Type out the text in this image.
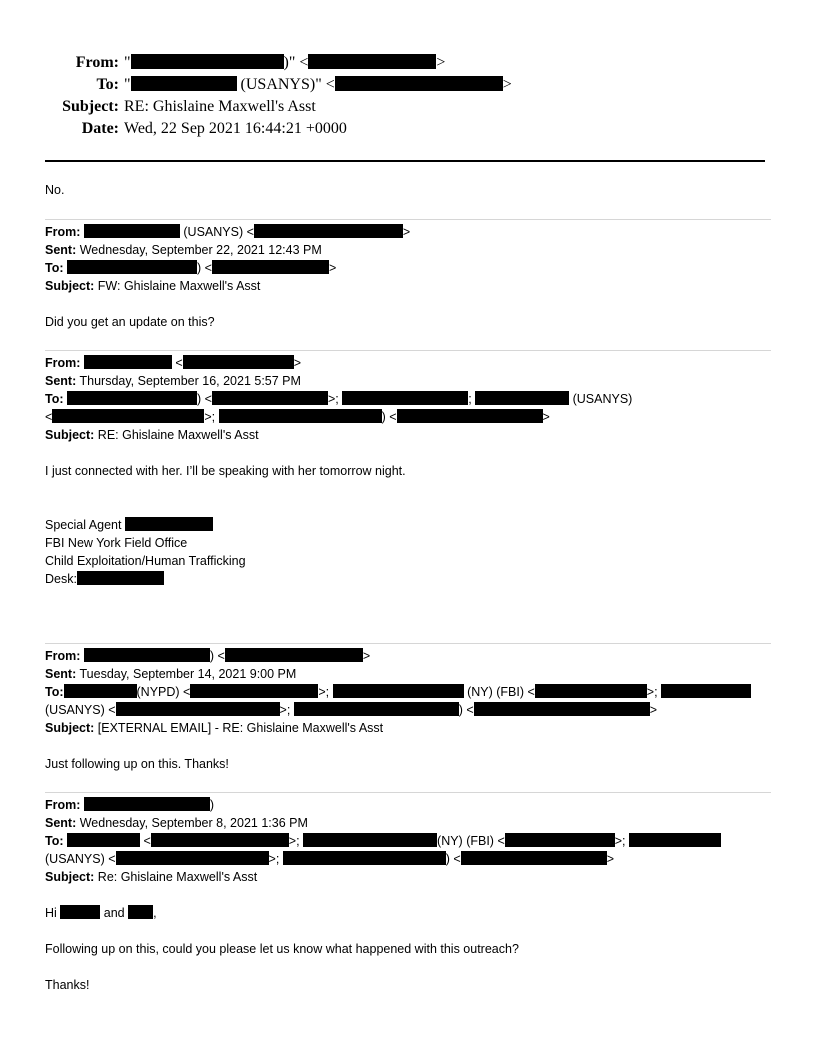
From: "	)" <	>
To: "	(USANYS)" <	>
Subject: RE: Ghislaine Maxwell's Asst
Date: Wed, 22 Sep 2021 16:44:21 +0000
No.
From:	(USANYS) <	>
Sent: Wednesday, September 22, 2021 12:43 PM
To:	) <	>
Subject: FW: Ghislaine Maxwell's Asst
Did you get an update on this?
From:	<	>
Sent: Thursday, September 16, 2021 5:57 PM
To:	) <	>;	;	(USANYS)
<	>;	) <	>
Subject: RE: Ghislaine Maxwell's Asst
I just connected with her. I’ll be speaking with her tomorrow night.
Special Agent
FBI New York Field Office
Child Exploitation/Human Trafficking
Desk:
From:	) <	>
Sent: Tuesday, September 14, 2021 9:00 PM
To:	(NYPD) <	>;	(NY) (FBI) <	>;
(USANYS) <	>;	) <	>
Subject: [EXTERNAL EMAIL] - RE: Ghislaine Maxwell's Asst
Just following up on this. Thanks!
From:	)
Sent: Wednesday, September 8, 2021 1:36 PM
To:	<	>;	(NY) (FBI) <	>;
(USANYS) <	>;	) <	>
Subject: Re: Ghislaine Maxwell's Asst
Hi	and ,
Following up on this, could you please let us know what happened with this outreach?
Thanks!
